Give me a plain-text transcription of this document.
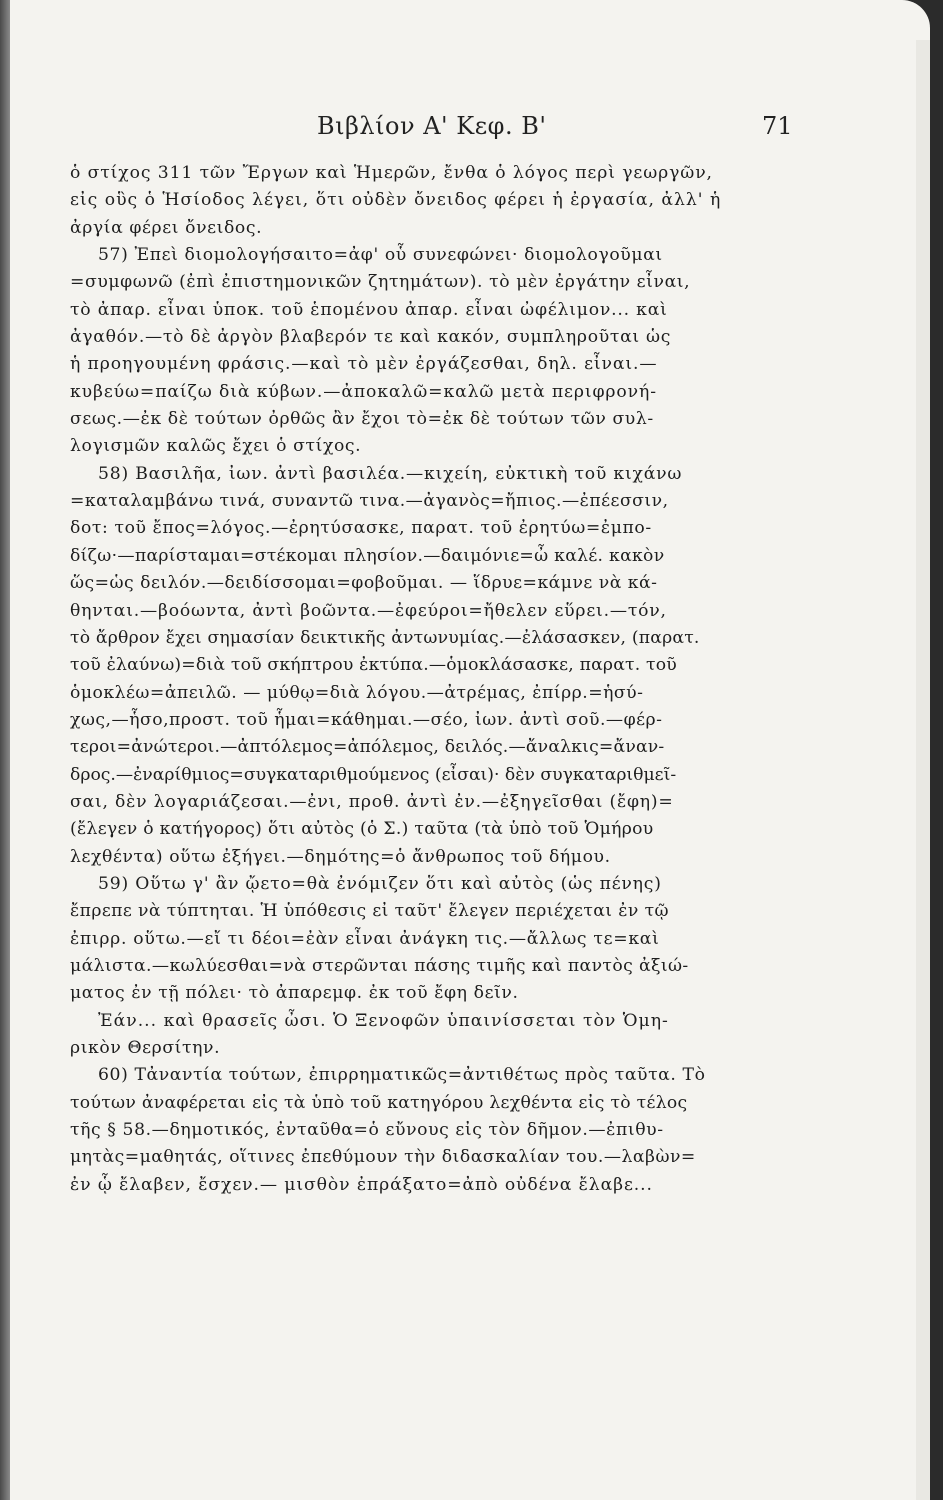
Βιβλίον Α' Κεφ. Β'	71
ὁ στίχος 311 τῶν Ἔργων καὶ Ἡμερῶν, ἔνθα ὁ λόγος περὶ γεωργῶν,
εἰς οὓς ὁ Ἡσίοδος λέγει, ὅτι οὐδὲν ὄνειδος φέρει ἡ ἐργασία, ἀλλ' ἡ
ἀργία φέρει ὄνειδος.
57) Ἐπεὶ διομολογήσαιτο=ἀφ' οὗ συνεφώνει· διομολογοῦμαι
=συμφωνῶ (ἐπὶ ἐπιστημονικῶν ζητημάτων). τὸ μὲν ἐργάτην εἶναι,
τὸ ἀπαρ. εἶναι ὑποκ. τοῦ ἑπομένου ἀπαρ. εἶναι ὠφέλιμον... καὶ
ἀγαθόν.—τὸ δὲ ἀργὸν βλαβερόν τε καὶ κακόν, συμπληροῦται ὡς
ἡ προηγουμένη φράσις.—καὶ τὸ μὲν ἐργάζεσθαι, δηλ. εἶναι.—
κυβεύω=παίζω διὰ κύβων.—ἀποκαλῶ=καλῶ μετὰ περιφρονή-
σεως.—ἐκ δὲ τούτων ὀρθῶς ἂν ἔχοι τὸ=ἐκ δὲ τούτων τῶν συλ-
λογισμῶν καλῶς ἔχει ὁ στίχος.
58) Βασιλῆα, ἰων. ἀντὶ βασιλέα.—κιχείη, εὐκτικὴ τοῦ κιχάνω
=καταλαμβάνω τινά, συναντῶ τινα.—ἀγανὸς=ἤπιος.—ἐπέεσσιν,
δοτ: τοῦ ἔπος=λόγος.—ἐρητύσασκε, παρατ. τοῦ ἐρητύω=ἐμπο-
δίζω·—παρίσταμαι=στέκομαι πλησίον.—δαιμόνιε=ὦ καλέ. κακὸν
ὥς=ὡς δειλόν.—δειδίσσομαι=φοβοῦμαι. — ἵδρυε=κάμνε νὰ κά-
θηνται.—βοόωντα, ἀντὶ βοῶντα.—ἐφεύροι=ἤθελεν εὕρει.—τόν,
τὸ ἄρθρον ἔχει σημασίαν δεικτικῆς ἀντωνυμίας.—ἐλάσασκεν, (παρατ.
τοῦ ἐλαύνω)=διὰ τοῦ σκήπτρου ἐκτύπα.—ὁμοκλάσασκε, παρατ. τοῦ
ὁμοκλέω=ἀπειλῶ. — μύθῳ=διὰ λόγου.—ἀτρέμας, ἐπίρρ.=ἡσύ-
χως,—ἧσο,προστ. τοῦ ἧμαι=κάθημαι.—σέο, ἰων. ἀντὶ σοῦ.—φέρ-
τεροι=ἀνώτεροι.—ἀπτόλεμος=ἀπόλεμος, δειλός.—ἄναλκις=ἄναν-
δρος.—ἐναρίθμιος=συγκαταριθμούμενος (εἶσαι)· δὲν συγκαταριθμεῖ-
σαι, δὲν λογαριάζεσαι.—ἐνι, προθ. ἀντὶ ἐν.—ἐξηγεῖσθαι (ἔφη)=
(ἔλεγεν ὁ κατήγορος) ὅτι αὐτὸς (ὁ Σ.) ταῦτα (τὰ ὑπὸ τοῦ Ὁμήρου
λεχθέντα) οὕτω ἐξήγει.—δημότης=ὁ ἄνθρωπος τοῦ δήμου.
59) Οὕτω γ' ἂν ᾤετο=θὰ ἐνόμιζεν ὅτι καὶ αὐτὸς (ὡς πένης)
ἔπρεπε νὰ τύπτηται. Ἡ ὑπόθεσις εἰ ταῦτ' ἔλεγεν περιέχεται ἐν τῷ
ἐπιρρ. οὕτω.—εἴ τι δέοι=ἐὰν εἶναι ἀνάγκη τις.—ἄλλως τε=καὶ
μάλιστα.—κωλύεσθαι=νὰ στερῶνται πάσης τιμῆς καὶ παντὸς ἀξιώ-
ματος ἐν τῇ πόλει· τὸ ἀπαρεμφ. ἐκ τοῦ ἔφη δεῖν.
Ἐάν... καὶ θρασεῖς ὦσι. Ὁ Ξενοφῶν ὑπαινίσσεται τὸν Ὁμη-
ρικὸν Θερσίτην.
60) Τἀναντία τούτων, ἐπιρρηματικῶς=ἀντιθέτως πρὸς ταῦτα. Τὸ
τούτων ἀναφέρεται εἰς τὰ ὑπὸ τοῦ κατηγόρου λεχθέντα εἰς τὸ τέλος
τῆς § 58.—δημοτικός, ἐνταῦθα=ὁ εὔνους εἰς τὸν δῆμον.—ἐπιθυ-
μητὰς=μαθητάς, οἵτινες ἐπεθύμουν τὴν διδασκαλίαν του.—λαβὼν=
ἐν ᾧ ἔλαβεν, ἔσχεν.— μισθὸν ἐπράξατο=ἀπὸ οὐδένα ἔλαβε...
